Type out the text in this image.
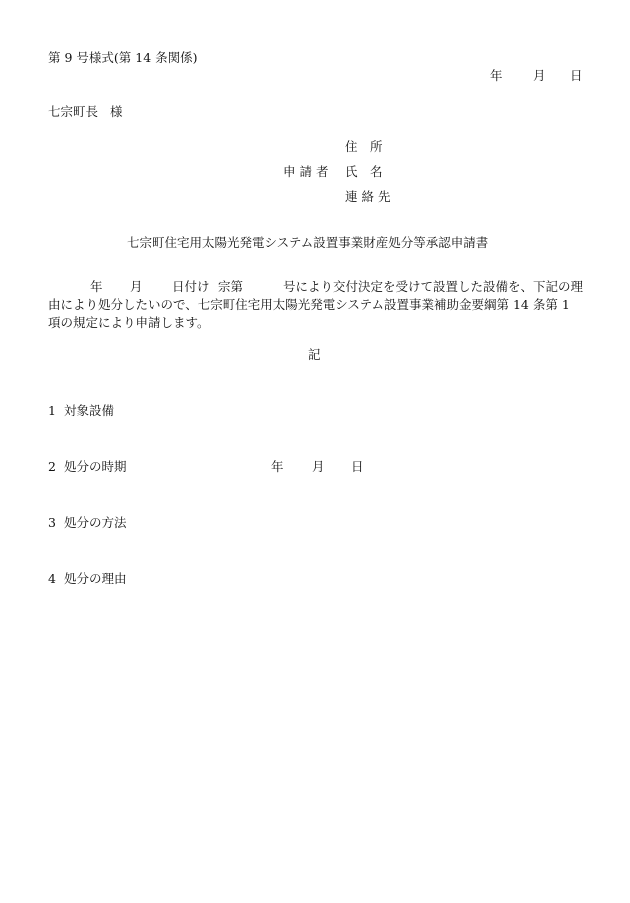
第 9 号様式(第 14 条関係)
年 月 日
七宗町長 様
住　所
申 請 者 氏　名
連 絡 先
七宗町住宅用太陽光発電システム設置事業財産処分等承認申請書
年 月 日付け 宗第	号により交付決定を受けて設置した設備を、下記の理
由により処分したいので、七宗町住宅用太陽光発電システム設置事業補助金要綱第 14 条第 1
項の規定により申請します。
記
1 対象設備
2 処分の時期	年 月 日
3 処分の方法
4 処分の理由
